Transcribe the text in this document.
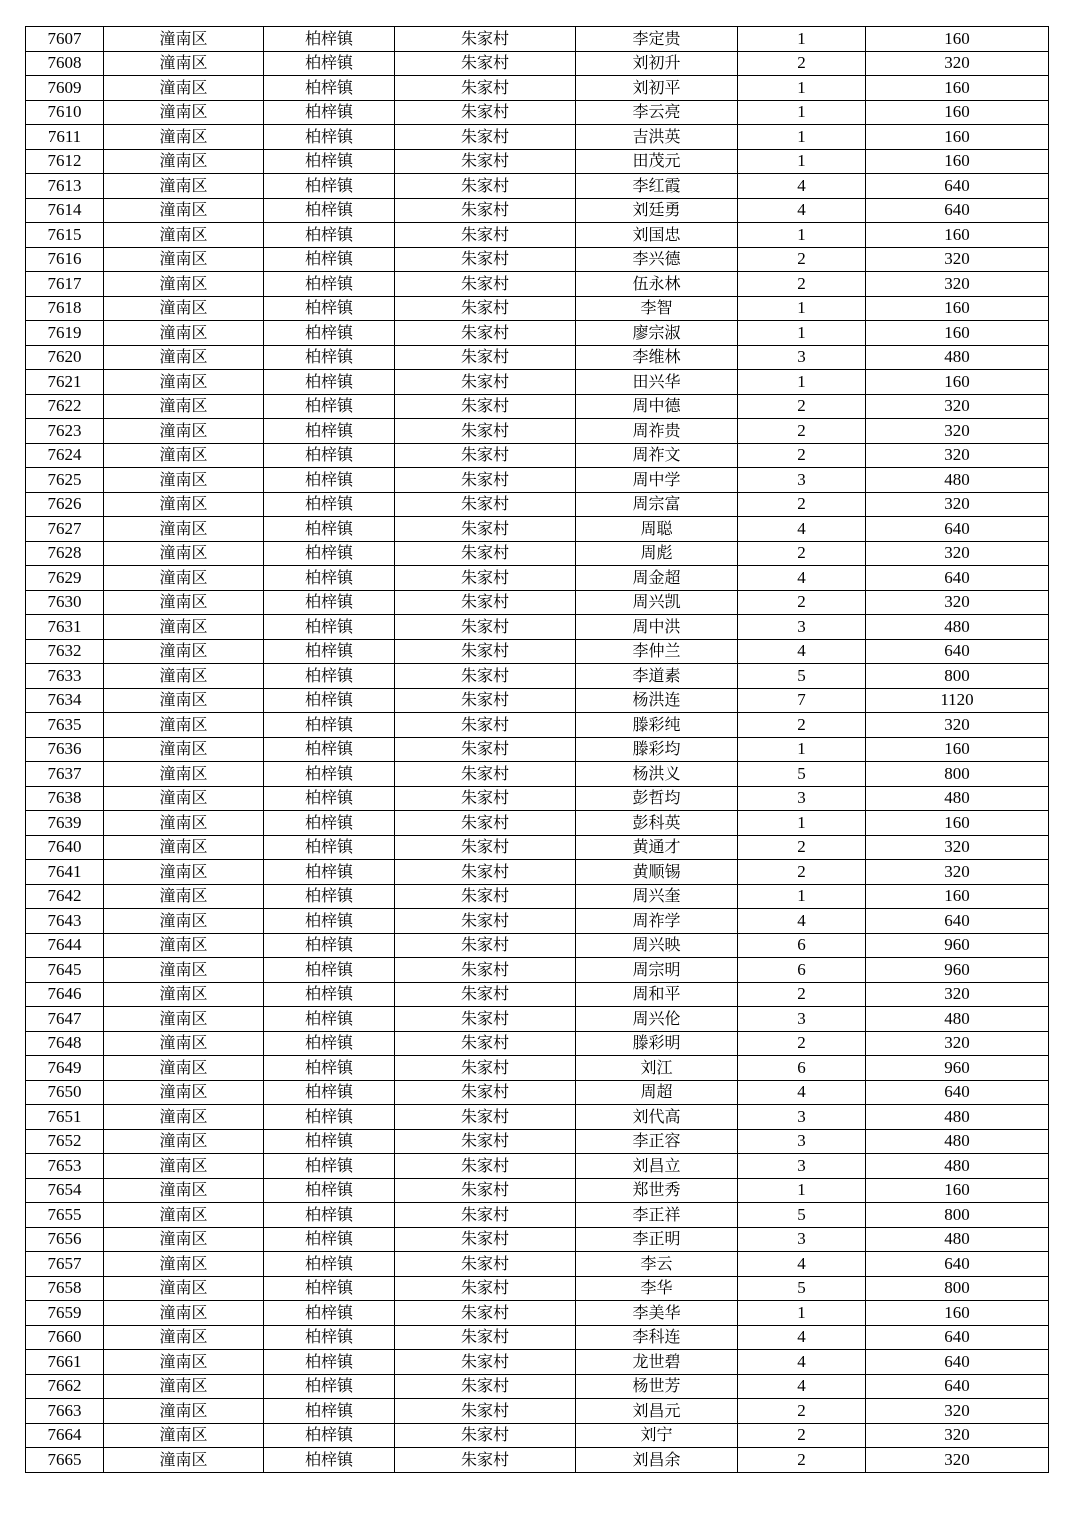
7607	潼南区	柏梓镇	朱家村	李定贵	1	160
7608	潼南区	柏梓镇	朱家村	刘初升	2	320
7609	潼南区	柏梓镇	朱家村	刘初平	1	160
7610	潼南区	柏梓镇	朱家村	李云亮	1	160
7611	潼南区	柏梓镇	朱家村	吉洪英	1	160
7612	潼南区	柏梓镇	朱家村	田茂元	1	160
7613	潼南区	柏梓镇	朱家村	李红霞	4	640
7614	潼南区	柏梓镇	朱家村	刘廷勇	4	640
7615	潼南区	柏梓镇	朱家村	刘国忠	1	160
7616	潼南区	柏梓镇	朱家村	李兴德	2	320
7617	潼南区	柏梓镇	朱家村	伍永林	2	320
7618	潼南区	柏梓镇	朱家村	李智	1	160
7619	潼南区	柏梓镇	朱家村	廖宗淑	1	160
7620	潼南区	柏梓镇	朱家村	李维林	3	480
7621	潼南区	柏梓镇	朱家村	田兴华	1	160
7622	潼南区	柏梓镇	朱家村	周中德	2	320
7623	潼南区	柏梓镇	朱家村	周祚贵	2	320
7624	潼南区	柏梓镇	朱家村	周祚文	2	320
7625	潼南区	柏梓镇	朱家村	周中学	3	480
7626	潼南区	柏梓镇	朱家村	周宗富	2	320
7627	潼南区	柏梓镇	朱家村	周聪	4	640
7628	潼南区	柏梓镇	朱家村	周彪	2	320
7629	潼南区	柏梓镇	朱家村	周金超	4	640
7630	潼南区	柏梓镇	朱家村	周兴凯	2	320
7631	潼南区	柏梓镇	朱家村	周中洪	3	480
7632	潼南区	柏梓镇	朱家村	李仲兰	4	640
7633	潼南区	柏梓镇	朱家村	李道素	5	800
7634	潼南区	柏梓镇	朱家村	杨洪连	7	1120
7635	潼南区	柏梓镇	朱家村	滕彩纯	2	320
7636	潼南区	柏梓镇	朱家村	滕彩均	1	160
7637	潼南区	柏梓镇	朱家村	杨洪义	5	800
7638	潼南区	柏梓镇	朱家村	彭哲均	3	480
7639	潼南区	柏梓镇	朱家村	彭科英	1	160
7640	潼南区	柏梓镇	朱家村	黄通才	2	320
7641	潼南区	柏梓镇	朱家村	黄顺锡	2	320
7642	潼南区	柏梓镇	朱家村	周兴奎	1	160
7643	潼南区	柏梓镇	朱家村	周祚学	4	640
7644	潼南区	柏梓镇	朱家村	周兴映	6	960
7645	潼南区	柏梓镇	朱家村	周宗明	6	960
7646	潼南区	柏梓镇	朱家村	周和平	2	320
7647	潼南区	柏梓镇	朱家村	周兴伦	3	480
7648	潼南区	柏梓镇	朱家村	滕彩明	2	320
7649	潼南区	柏梓镇	朱家村	刘江	6	960
7650	潼南区	柏梓镇	朱家村	周超	4	640
7651	潼南区	柏梓镇	朱家村	刘代高	3	480
7652	潼南区	柏梓镇	朱家村	李正容	3	480
7653	潼南区	柏梓镇	朱家村	刘昌立	3	480
7654	潼南区	柏梓镇	朱家村	郑世秀	1	160
7655	潼南区	柏梓镇	朱家村	李正祥	5	800
7656	潼南区	柏梓镇	朱家村	李正明	3	480
7657	潼南区	柏梓镇	朱家村	李云	4	640
7658	潼南区	柏梓镇	朱家村	李华	5	800
7659	潼南区	柏梓镇	朱家村	李美华	1	160
7660	潼南区	柏梓镇	朱家村	李科连	4	640
7661	潼南区	柏梓镇	朱家村	龙世碧	4	640
7662	潼南区	柏梓镇	朱家村	杨世芳	4	640
7663	潼南区	柏梓镇	朱家村	刘昌元	2	320
7664	潼南区	柏梓镇	朱家村	刘宁	2	320
7665	潼南区	柏梓镇	朱家村	刘昌余	2	320
